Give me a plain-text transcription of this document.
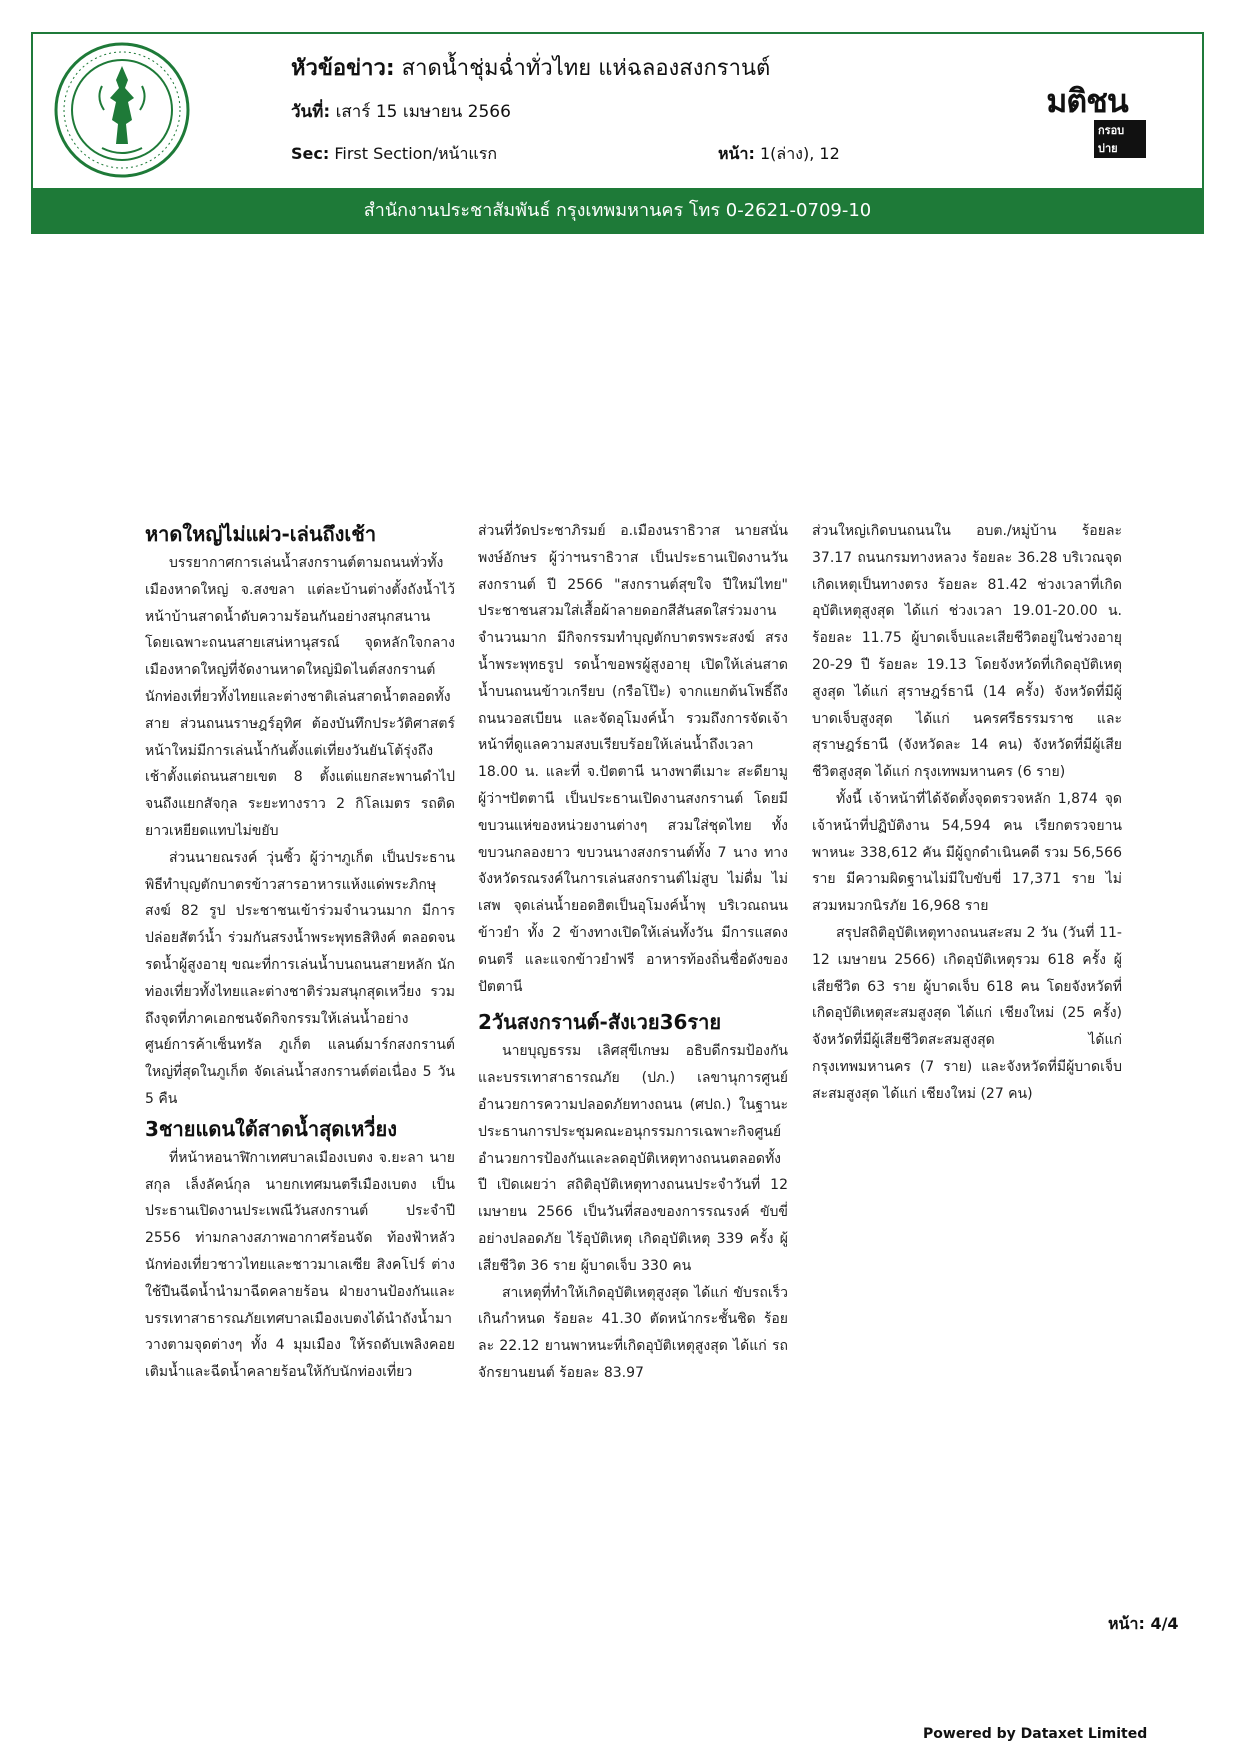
หัวข้อข่าว: สาดน้ำชุ่มฉ่ำทั่วไทย แห่ฉลองสงกรานต์
วันที่: เสาร์ 15 เมษายน 2566
Sec: First Section/หน้าแรก	หน้า: 1(ล่าง), 12
มติชน
กรอบบ่าย
สำนักงานประชาสัมพันธ์ กรุงเทพมหานคร โทร 0-2621-0709-10
หาดใหญ่ไม่แผ่ว-เล่นถึงเช้า

บรรยากาศการเล่นน้ำสงกรานต์ตามถนนทั่วทั้งเมืองหาดใหญ่ จ.สงขลา แต่ละบ้านต่างตั้งถังน้ำไว้หน้าบ้านสาดน้ำดับความร้อนกันอย่างสนุกสนาน โดยเฉพาะถนนสายเสน่หานุสรณ์ จุดหลักใจกลางเมืองหาดใหญ่ที่จัดงานหาดใหญ่มิดไนต์สงกรานต์ นักท่องเที่ยวทั้งไทยและต่างชาติเล่นสาดน้ำตลอดทั้งสาย ส่วนถนนราษฎร์อุทิศ ต้องบันทึกประวัติศาสตร์หน้าใหม่มีการเล่นน้ำกันตั้งแต่เที่ยงวันยันโต้รุ่งถึงเช้าตั้งแต่ถนนสายเขต 8 ตั้งแต่แยกสะพานดำไปจนถึงแยกสัจกุล ระยะทางราว 2 กิโลเมตร รถติดยาวเหยียดแทบไม่ขยับ

ส่วนนายณรงค์ วุ่นซิ้ว ผู้ว่าฯภูเก็ต เป็นประธานพิธีทำบุญตักบาตรข้าวสารอาหารแห้งแด่พระภิกษุสงฆ์ 82 รูป ประชาชนเข้าร่วมจำนวนมาก มีการปล่อยสัตว์น้ำ ร่วมกันสรงน้ำพระพุทธสิหิงค์ ตลอดจนรดน้ำผู้สูงอายุ ขณะที่การเล่นน้ำบนถนนสายหลัก นักท่องเที่ยวทั้งไทยและต่างชาติร่วมสนุกสุดเหวี่ยง รวมถึงจุดที่ภาคเอกชนจัดกิจกรรมให้เล่นน้ำอย่างศูนย์การค้าเซ็นทรัล ภูเก็ต แลนด์มาร์กสงกรานต์ใหญ่ที่สุดในภูเก็ต จัดเล่นน้ำสงกรานต์ต่อเนื่อง 5 วัน 5 คืน

3ชายแดนใต้สาดน้ำสุดเหวี่ยง

ที่หน้าหอนาฬิกาเทศบาลเมืองเบตง จ.ยะลา นายสกุล เล็งลัคน์กุล นายกเทศมนตรีเมืองเบตง เป็นประธานเปิดงานประเพณีวันสงกรานต์ ประจำปี 2556 ท่ามกลางสภาพอากาศร้อนจัด ท้องฟ้าหลัว นักท่องเที่ยวชาวไทยและชาวมาเลเซีย สิงคโปร์ ต่างใช้ปืนฉีดน้ำนำมาฉีดคลายร้อน ฝ่ายงานป้องกันและบรรเทาสาธารณภัยเทศบาลเมืองเบตงได้นำถังน้ำมาวางตามจุดต่างๆ ทั้ง 4 มุมเมือง ให้รถดับเพลิงคอยเติมน้ำและฉีดน้ำคลายร้อนให้กับนักท่องเที่ยว

ส่วนที่วัดประชาภิรมย์ อ.เมืองนราธิวาส นายสนั่น พงษ์อักษร ผู้ว่าฯนราธิวาส เป็นประธานเปิดงานวันสงกรานต์ ปี 2566 "สงกรานต์สุขใจ ปีใหม่ไทย" ประชาชนสวมใส่เสื้อผ้าลายดอกสีสันสดใสร่วมงานจำนวนมาก มีกิจกรรมทำบุญตักบาตรพระสงฆ์ สรงน้ำพระพุทธรูป รดน้ำขอพรผู้สูงอายุ เปิดให้เล่นสาดน้ำบนถนนข้าวเกรียบ (กรือโป๊ะ) จากแยกต้นโพธิ์ถึงถนนวอสเบียน และจัดอุโมงค์น้ำ รวมถึงการจัดเจ้าหน้าที่ดูแลความสงบเรียบร้อยให้เล่นน้ำถึงเวลา 18.00 น. และที่ จ.ปัตตานี นางพาตีเมาะ สะดียามู ผู้ว่าฯปัตตานี เป็นประธานเปิดงานสงกรานต์ โดยมีขบวนแห่ของหน่วยงานต่างๆ สวมใส่ชุดไทย ทั้งขบวนกลองยาว ขบวนนางสงกรานต์ทั้ง 7 นาง ทางจังหวัดรณรงค์ในการเล่นสงกรานต์ไม่สูบ ไม่ดื่ม ไม่เสพ จุดเล่นน้ำยอดฮิตเป็นอุโมงค์น้ำพุ บริเวณถนนข้าวยำ ทั้ง 2 ข้างทางเปิดให้เล่นทั้งวัน มีการแสดงดนตรี และแจกข้าวยำฟรี อาหารท้องถิ่นชื่อดังของปัตตานี

2วันสงกรานต์-สังเวย36ราย

นายบุญธรรม เลิศสุขีเกษม อธิบดีกรมป้องกันและบรรเทาสาธารณภัย (ปภ.) เลขานุการศูนย์อำนวยการความปลอดภัยทางถนน (ศปถ.) ในฐานะประธานการประชุมคณะอนุกรรมการเฉพาะกิจศูนย์อำนวยการป้องกันและลดอุบัติเหตุทางถนนตลอดทั้งปี เปิดเผยว่า สถิติอุบัติเหตุทางถนนประจำวันที่ 12 เมษายน 2566 เป็นวันที่สองของการรณรงค์ ขับขี่อย่างปลอดภัย ไร้อุบัติเหตุ เกิดอุบัติเหตุ 339 ครั้ง ผู้เสียชีวิต 36 ราย ผู้บาดเจ็บ 330 คน

สาเหตุที่ทำให้เกิดอุบัติเหตุสูงสุด ได้แก่ ขับรถเร็วเกินกำหนด ร้อยละ 41.30 ตัดหน้ากระชั้นชิด ร้อยละ 22.12 ยานพาหนะที่เกิดอุบัติเหตุสูงสุด ได้แก่ รถจักรยานยนต์ ร้อยละ 83.97

ส่วนใหญ่เกิดบนถนนใน อบต./หมู่บ้าน ร้อยละ 37.17 ถนนกรมทางหลวง ร้อยละ 36.28 บริเวณจุดเกิดเหตุเป็นทางตรง ร้อยละ 81.42 ช่วงเวลาที่เกิดอุบัติเหตุสูงสุด ได้แก่ ช่วงเวลา 19.01-20.00 น. ร้อยละ 11.75 ผู้บาดเจ็บและเสียชีวิตอยู่ในช่วงอายุ 20-29 ปี ร้อยละ 19.13 โดยจังหวัดที่เกิดอุบัติเหตุสูงสุด ได้แก่ สุราษฎร์ธานี (14 ครั้ง) จังหวัดที่มีผู้บาดเจ็บสูงสุด ได้แก่ นครศรีธรรมราช และสุราษฎร์ธานี (จังหวัดละ 14 คน) จังหวัดที่มีผู้เสียชีวิตสูงสุด ได้แก่ กรุงเทพมหานคร (6 ราย)

ทั้งนี้ เจ้าหน้าที่ได้จัดตั้งจุดตรวจหลัก 1,874 จุด เจ้าหน้าที่ปฏิบัติงาน 54,594 คน เรียกตรวจยานพาหนะ 338,612 คัน มีผู้ถูกดำเนินคดี รวม 56,566 ราย มีความผิดฐานไม่มีใบขับขี่ 17,371 ราย ไม่สวมหมวกนิรภัย 16,968 ราย

สรุปสถิติอุบัติเหตุทางถนนสะสม 2 วัน (วันที่ 11-12 เมษายน 2566) เกิดอุบัติเหตุรวม 618 ครั้ง ผู้เสียชีวิต 63 ราย ผู้บาดเจ็บ 618 คน โดยจังหวัดที่เกิดอุบัติเหตุสะสมสูงสุด ได้แก่ เชียงใหม่ (25 ครั้ง) จังหวัดที่มีผู้เสียชีวิตสะสมสูงสุด ได้แก่ กรุงเทพมหานคร (7 ราย) และจังหวัดที่มีผู้บาดเจ็บสะสมสูงสุด ได้แก่ เชียงใหม่ (27 คน)

หน้า: 4/4
Powered by Dataxet Limited
